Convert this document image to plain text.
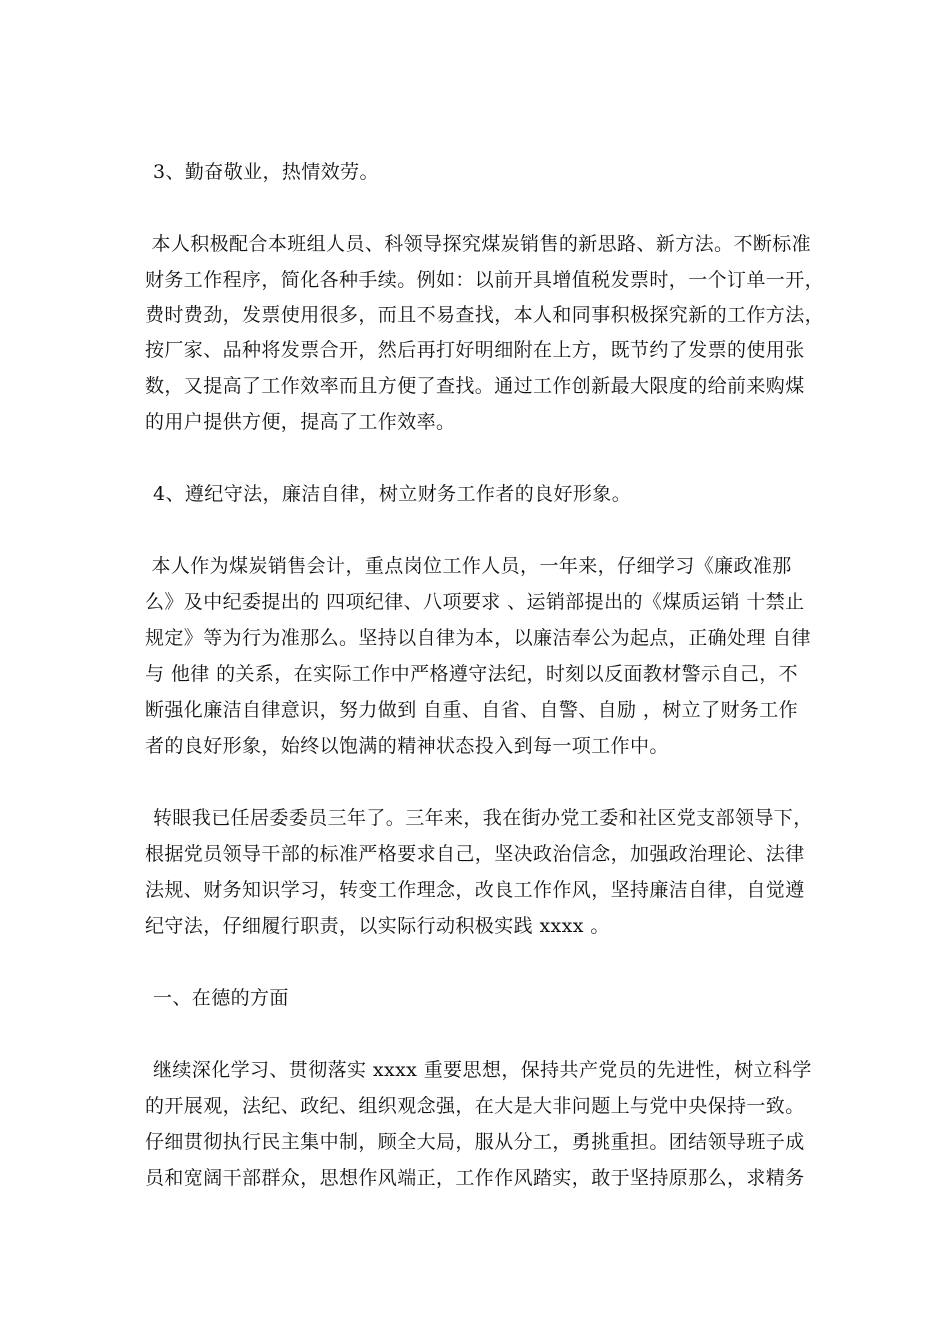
3、勤奋敬业，热情效劳。
本人积极配合本班组人员、科领导探究煤炭销售的新思路、新方法。不断标准
财务工作程序，简化各种手续。例如：以前开具增值税发票时，一个订单一开，
费时费劲，发票使用很多，而且不易查找，本人和同事积极探究新的工作方法，
按厂家、品种将发票合开，然后再打好明细附在上方，既节约了发票的使用张
数，又提高了工作效率而且方便了查找。通过工作创新最大限度的给前来购煤
的用户提供方便，提高了工作效率。
4、遵纪守法，廉洁自律，树立财务工作者的良好形象。
本人作为煤炭销售会计，重点岗位工作人员，一年来，仔细学习《廉政准那
么》及中纪委提出的 四项纪律、八项要求 、运销部提出的《煤质运销 十禁止
规定》等为行为准那么。坚持以自律为本，以廉洁奉公为起点，正确处理 自律
与 他律 的关系，在实际工作中严格遵守法纪，时刻以反面教材警示自己，不
断强化廉洁自律意识，努力做到 自重、自省、自警、自励 ，树立了财务工作
者的良好形象，始终以饱满的精神状态投入到每一项工作中。
转眼我已任居委委员三年了。三年来，我在街办党工委和社区党支部领导下，
根据党员领导干部的标准严格要求自己，坚决政治信念，加强政治理论、法律
法规、财务知识学习，转变工作理念，改良工作作风，坚持廉洁自律，自觉遵
纪守法，仔细履行职责，以实际行动积极实践 xxxx 。
一、在德的方面
继续深化学习、贯彻落实 xxxx 重要思想，保持共产党员的先进性，树立科学
的开展观，法纪、政纪、组织观念强，在大是大非问题上与党中央保持一致。
仔细贯彻执行民主集中制，顾全大局，服从分工，勇挑重担。团结领导班子成
员和宽阔干部群众，思想作风端正，工作作风踏实，敢于坚持原那么，求精务
